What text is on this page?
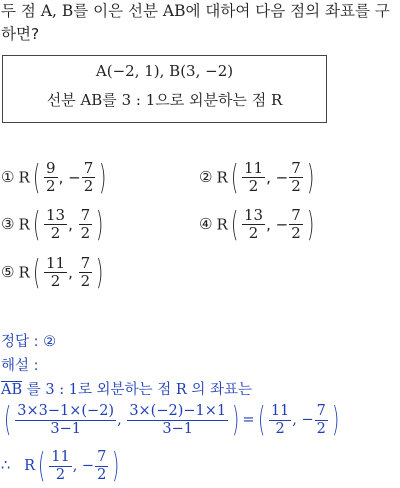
두 점 A, B를 이은 선분 AB에 대하여 다음 점의 좌표를 구하면?
A(−2, 1), B(3, −2)
선분 AB를 3 : 1으로 외분하는 점 R
① $R( \frac{9}{2}$ , − $\frac{7}{2}$ )	② $R( \frac{11}{2}$ , − $\frac{7}{2}$ )
③ $R( \frac{13}{2}$ , $\frac{7}{2}$ )	④ $R( \frac{13}{2}$ , − $\frac{7}{2}$ )
⑤ $R( \frac{11}{2}$ , $\frac{7}{2}$ )
정답 : ②
해설 :
$\overline{AB}$ 를 3 : 1로 외분하는 점 R 의 좌표는
( $\frac{3\times 3-1\times(-2)}{3-1}$ , $\frac{3\times(-2)-1\times 1}{3-1}$ ) =( $\frac{11}{2}$ , − $\frac{7}{2}$ )
∴ $R( \frac{11}{2}$ , − $\frac{7}{2}$ )
